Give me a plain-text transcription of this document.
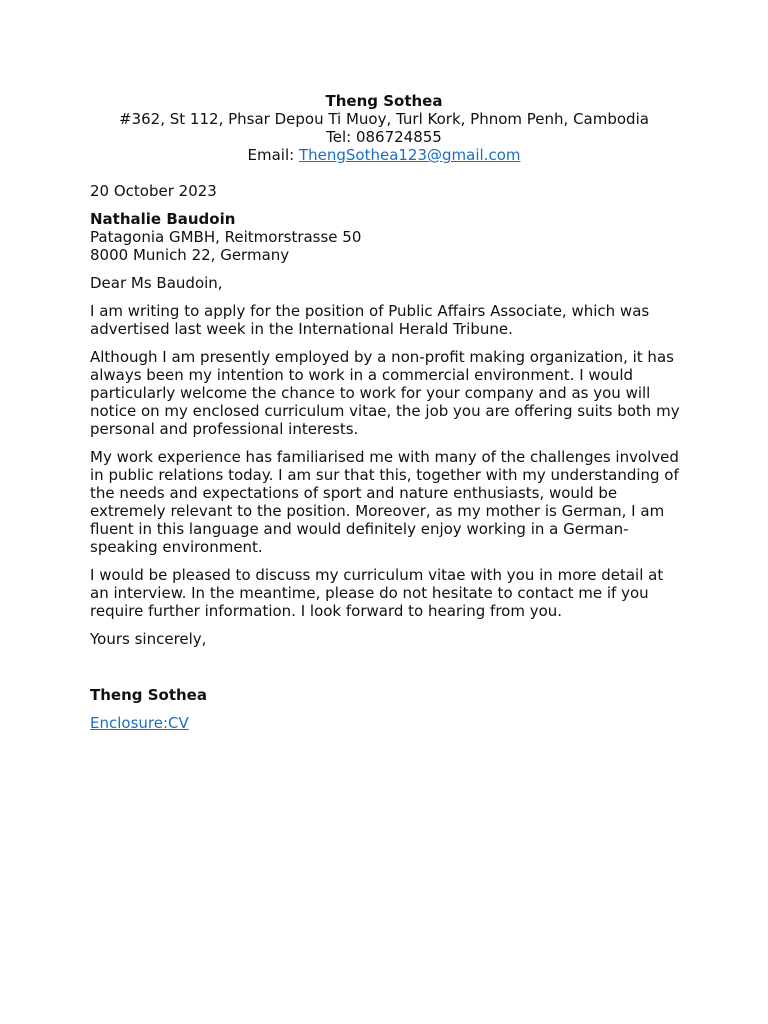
Theng Sothea
#362, St 112, Phsar Depou Ti Muoy, Turl Kork, Phnom Penh, Cambodia
Tel: 086724855
Email: ThengSothea123@gmail.com
20 October 2023
Nathalie Baudoin
Patagonia GMBH, Reitmorstrasse 50
8000 Munich 22, Germany
Dear Ms Baudoin,

I am writing to apply for the position of Public Affairs Associate, which was advertised last week in the International Herald Tribune.

Although I am presently employed by a non-profit making organization, it has always been my intention to work in a commercial environment. I would particularly welcome the chance to work for your company and as you will notice on my enclosed curriculum vitae, the job you are offering suits both my personal and professional interests.

My work experience has familiarised me with many of the challenges involved in public relations today. I am sur that this, together with my understanding of the needs and expectations of sport and nature enthusiasts, would be extremely relevant to the position. Moreover, as my mother is German, I am fluent in this language and would definitely enjoy working in a German-speaking environment.

I would be pleased to discuss my curriculum vitae with you in more detail at an interview. In the meantime, please do not hesitate to contact me if you require further information. I look forward to hearing from you.

Yours sincerely,
Theng Sothea
Enclosure:CV
